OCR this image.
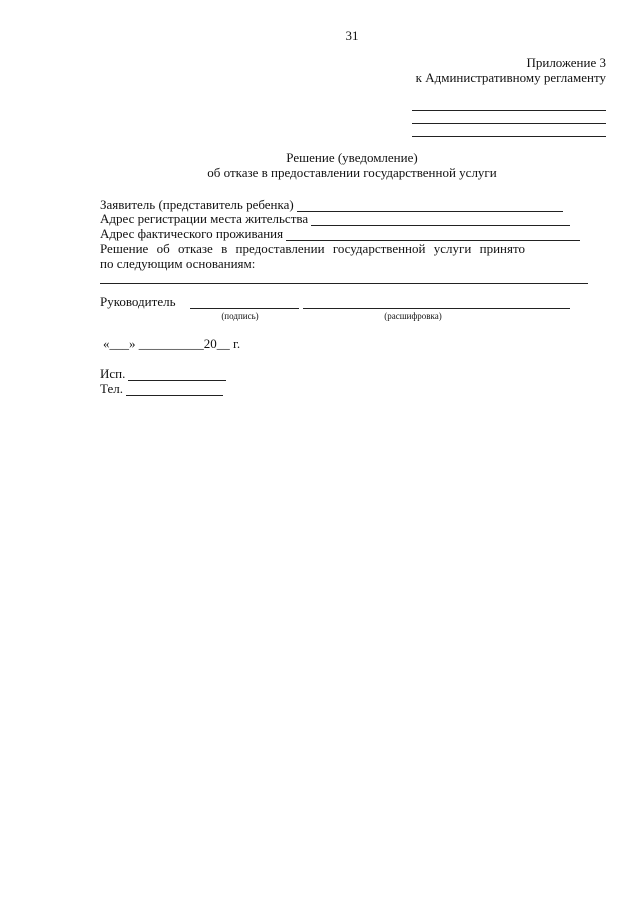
31
Приложение 3
к Административному регламенту
Решение (уведомление)
об отказе в предоставлении государственной услуги
Заявитель (представитель ребенка)
Адрес регистрации места жительства
Адрес фактического проживания
Решение об отказе в предоставлении государственной услуги принято
по следующим основаниям:
Руководитель
(подпись)	(расшифровка)
«___» __________20__ г.
Исп.
Тел.
